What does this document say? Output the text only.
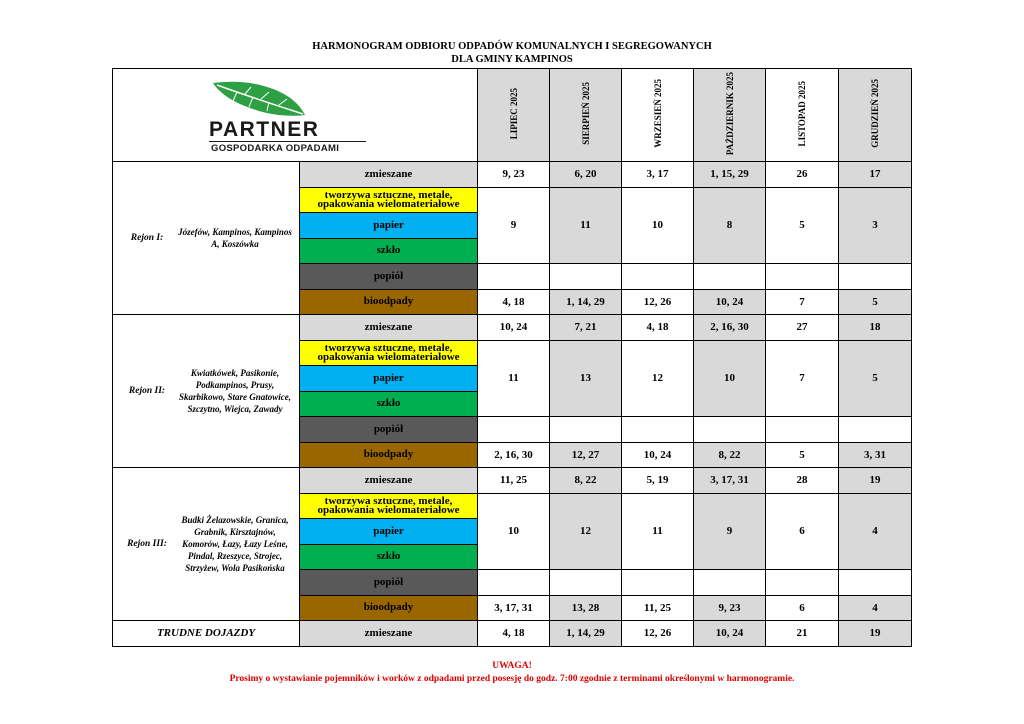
HARMONOGRAM ODBIORU ODPADÓW KOMUNALNYCH I SEGREGOWANYCH
DLA GMINY KAMPINOS
PARTNER
GOSPODARKA ODPADAMI		LIPIEC 2025	SIERPIEŃ 2025	WRZESIEŃ 2025	PAŹDZIERNIK 2025	LISTOPAD 2025	GRUDZIEŃ 2025

Rejon I:
Józefów, Kampinos, Kampinos A, Koszówka	zmieszane	9, 23	6, 20	3, 17	1, 15, 29	26	17
	tworzywa sztuczne, metale, opakowania wielomateriałowe	9	11	10	8	5	3
	papier						
	szkło						
	popiół						
	bioodpady	4, 18	1, 14, 29	12, 26	10, 24	7	5

Rejon II:
Kwiatkówek, Pasikonie, Podkampinos, Prusy, Skarbikowo, Stare Gnatowice, Szczytno, Wiejca, Zawady	zmieszane	10, 24	7, 21	4, 18	2, 16, 30	27	18
	tworzywa sztuczne, metale, opakowania wielomateriałowe	11	13	12	10	7	5
	papier						
	szkło						
	popiół						
	bioodpady	2, 16, 30	12, 27	10, 24	8, 22	5	3, 31

Rejon III:
Budki Żelazowskie, Granica, Grabnik, Kirsztajnów, Komorów, Łazy, Łazy Leśne, Pindal, Rzeszyce, Strojec, Strzyżew, Wola Pasikońska	zmieszane	11, 25	8, 22	5, 19	3, 17, 31	28	19
	tworzywa sztuczne, metale, opakowania wielomateriałowe	10	12	11	9	6	4
	papier						
	szkło						
	popiół						
	bioodpady	3, 17, 31	13, 28	11, 25	9, 23	6	4
TRUDNE DOJAZDY	zmieszane	4, 18	1, 14, 29	12, 26	10, 24	21	19
UWAGA!
Prosimy o wystawianie pojemników i worków z odpadami przed posesję do godz. 7:00 zgodnie z terminami określonymi w harmonogramie.
